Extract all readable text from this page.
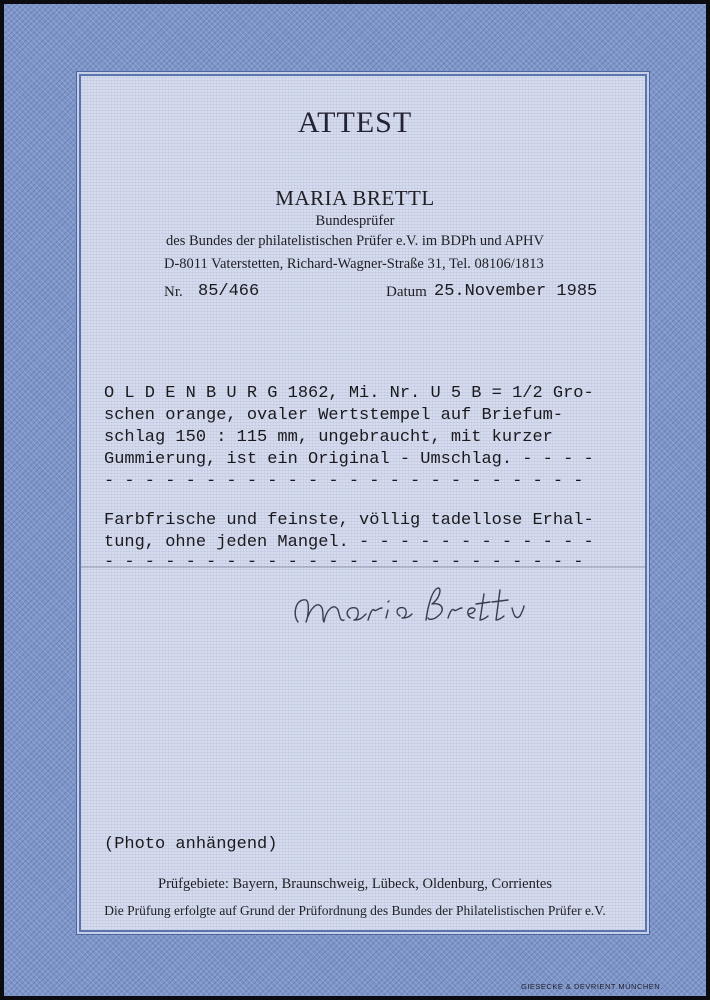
ATTEST
MARIA BRETTL
Bundesprüfer
des Bundes der philatelistischen Prüfer e.V. im BDPh und APHV
D-8011 Vaterstetten, Richard-Wagner-Straße 31, Tel. 08106/1813
Nr. 85/466	Datum 25.November 1985
O L D E N B U R G 1862, Mi. Nr. U 5 B = 1/2 Gro-
schen orange, ovaler Wertstempel auf Briefum-
schlag 150 : 115 mm, ungebraucht, mit kurzer
Gummierung, ist ein Original - Umschlag. - - - -
- - - - - - - - - - - - - - - - - - - - - - - -
Farbfrische und feinste, völlig tadellose Erhal-
tung, ohne jeden Mangel. - - - - - - - - - - - -
- - - - - - - - - - - - - - - - - - - - - - - -
(Photo anhängend)
Prüfgebiete: Bayern, Braunschweig, Lübeck, Oldenburg, Corrientes
Die Prüfung erfolgte auf Grund der Prüfordnung des Bundes der Philatelistischen Prüfer e.V.
GIESECKE & DEVRIENT MÜNCHEN
